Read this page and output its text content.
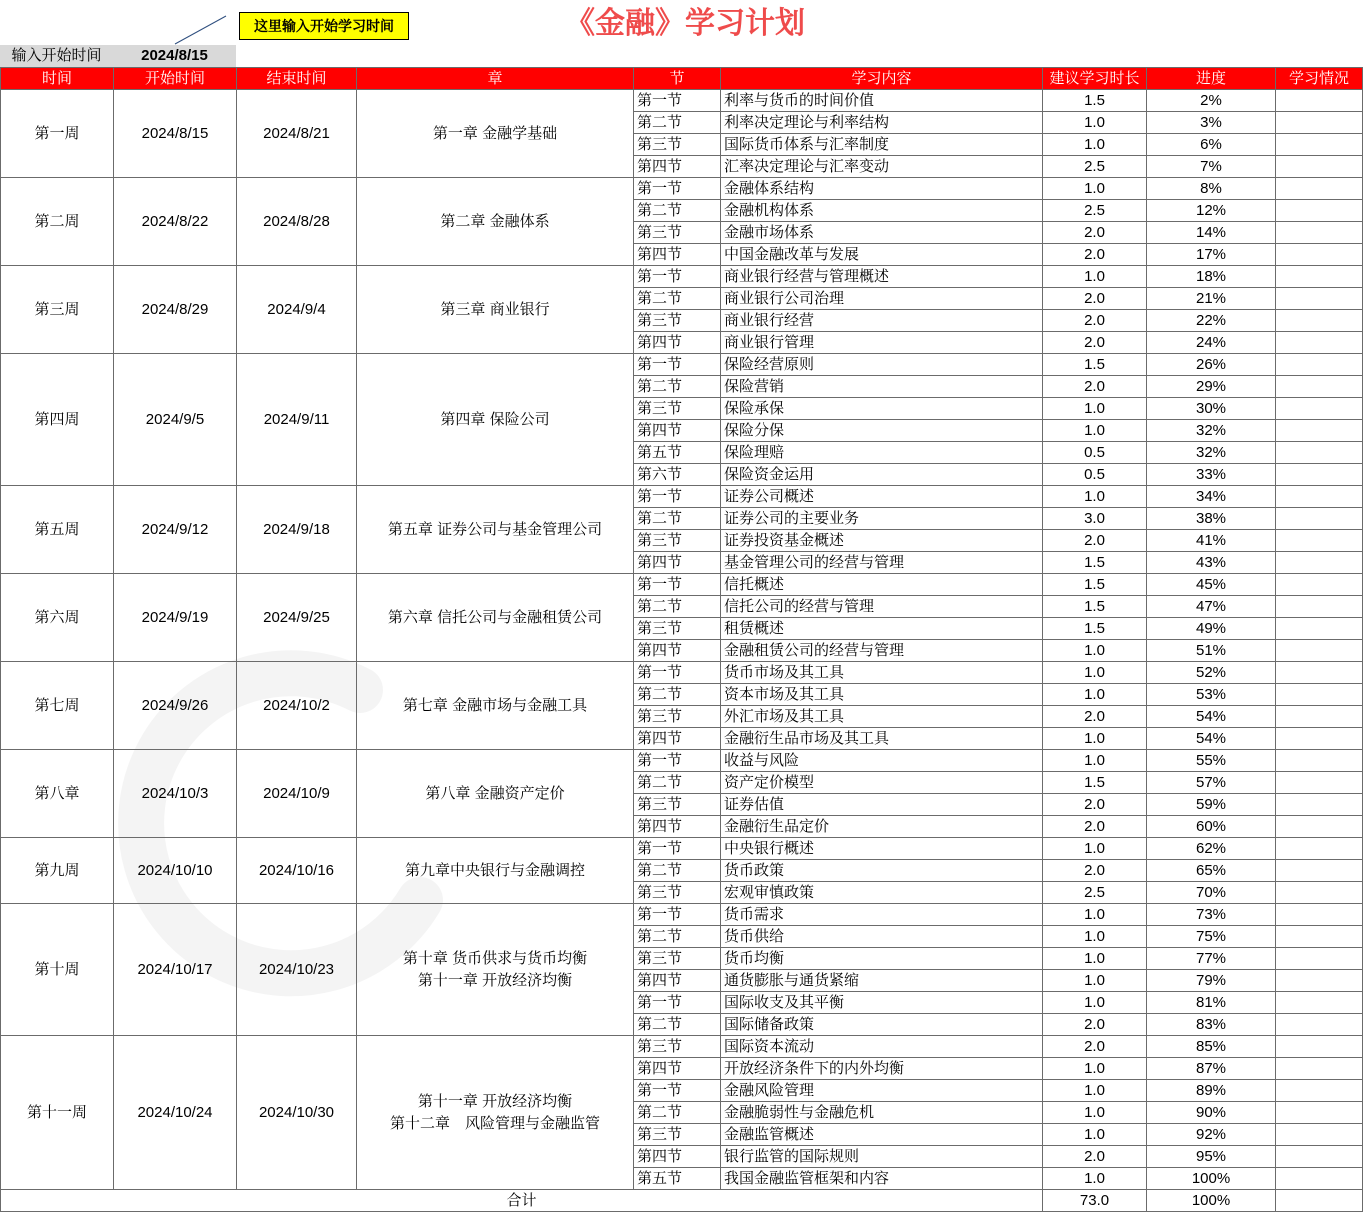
《金融》学习计划
这里输入开始学习时间
输入开始时间	2024/8/15
时间	开始时间	结束时间	章	节	学习内容	建议学习时长	进度	学习情况
第一周	2024/8/15	2024/8/21	第一章 金融学基础
第一节	利率与货币的时间价值	1.5	2%
第二节	利率决定理论与利率结构	1.0	3%
第三节	国际货币体系与汇率制度	1.0	6%
第四节	汇率决定理论与汇率变动	2.5	7%
第二周	2024/8/22	2024/8/28	第二章 金融体系
第一节	金融体系结构	1.0	8%
第二节	金融机构体系	2.5	12%
第三节	金融市场体系	2.0	14%
第四节	中国金融改革与发展	2.0	17%
第三周	2024/8/29	2024/9/4	第三章 商业银行
第一节	商业银行经营与管理概述	1.0	18%
第二节	商业银行公司治理	2.0	21%
第三节	商业银行经营	2.0	22%
第四节	商业银行管理	2.0	24%
第四周	2024/9/5	2024/9/11	第四章 保险公司
第一节	保险经营原则	1.5	26%
第二节	保险营销	2.0	29%
第三节	保险承保	1.0	30%
第四节	保险分保	1.0	32%
第五节	保险理赔	0.5	32%
第六节	保险资金运用	0.5	33%
第五周	2024/9/12	2024/9/18	第五章 证券公司与基金管理公司
第一节	证券公司概述	1.0	34%
第二节	证券公司的主要业务	3.0	38%
第三节	证券投资基金概述	2.0	41%
第四节	基金管理公司的经营与管理	1.5	43%
第六周	2024/9/19	2024/9/25	第六章 信托公司与金融租赁公司
第一节	信托概述	1.5	45%
第二节	信托公司的经营与管理	1.5	47%
第三节	租赁概述	1.5	49%
第四节	金融租赁公司的经营与管理	1.0	51%
第七周	2024/9/26	2024/10/2	第七章 金融市场与金融工具
第一节	货币市场及其工具	1.0	52%
第二节	资本市场及其工具	1.0	53%
第三节	外汇市场及其工具	2.0	54%
第四节	金融衍生品市场及其工具	1.0	54%
第八章	2024/10/3	2024/10/9	第八章 金融资产定价
第一节	收益与风险	1.0	55%
第二节	资产定价模型	1.5	57%
第三节	证券估值	2.0	59%
第四节	金融衍生品定价	2.0	60%
第九周	2024/10/10	2024/10/16	第九章中央银行与金融调控
第一节	中央银行概述	1.0	62%
第二节	货币政策	2.0	65%
第三节	宏观审慎政策	2.5	70%
第十周	2024/10/17	2024/10/23
第十章 货币供求与货币均衡
第十一章 开放经济均衡
第一节	货币需求	1.0	73%
第二节	货币供给	1.0	75%
第三节	货币均衡	1.0	77%
第四节	通货膨胀与通货紧缩	1.0	79%
第一节	国际收支及其平衡	1.0	81%
第二节	国际储备政策	2.0	83%
第十一周	2024/10/24	2024/10/30
第十一章 开放经济均衡
第十二章　风险管理与金融监管
第三节	国际资本流动	2.0	85%
第四节	开放经济条件下的内外均衡	1.0	87%
第一节	金融风险管理	1.0	89%
第二节	金融脆弱性与金融危机	1.0	90%
第三节	金融监管概述	1.0	92%
第四节	银行监管的国际规则	2.0	95%
第五节	我国金融监管框架和内容	1.0	100%
合计	73.0	100%
